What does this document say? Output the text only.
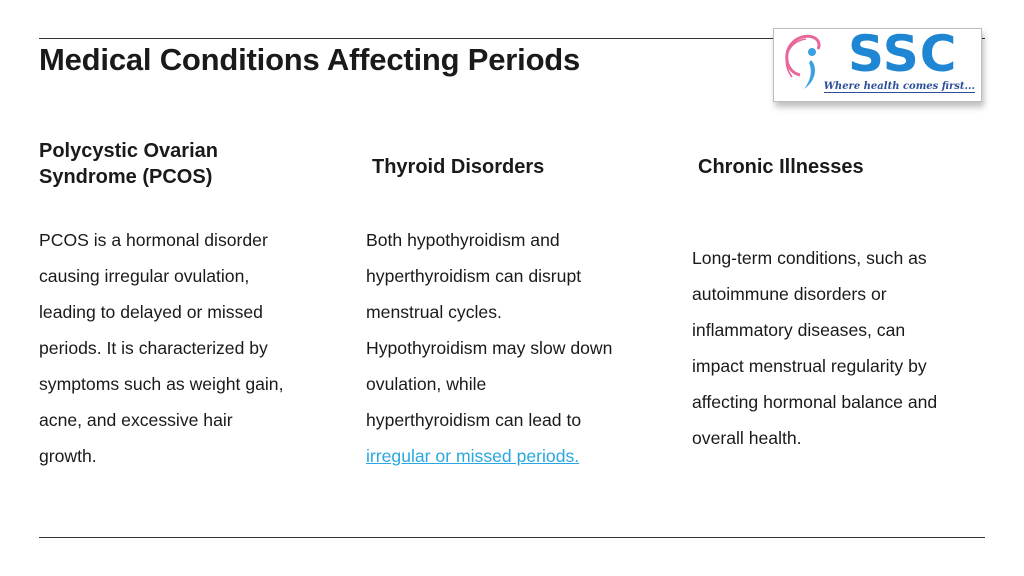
Medical Conditions Affecting Periods	SSC
Where health comes first...
Polycystic Ovarian
Syndrome (PCOS)

PCOS is a hormonal disorder
causing irregular ovulation,
leading to delayed or missed
periods. It is characterized by
symptoms such as weight gain,
acne, and excessive hair
growth.

Thyroid Disorders

Both hypothyroidism and
hyperthyroidism can disrupt
menstrual cycles.
Hypothyroidism may slow down
ovulation, while
hyperthyroidism can lead to
irregular or missed periods.

Chronic Illnesses

Long-term conditions, such as
autoimmune disorders or
inflammatory diseases, can
impact menstrual regularity by
affecting hormonal balance and
overall health.
